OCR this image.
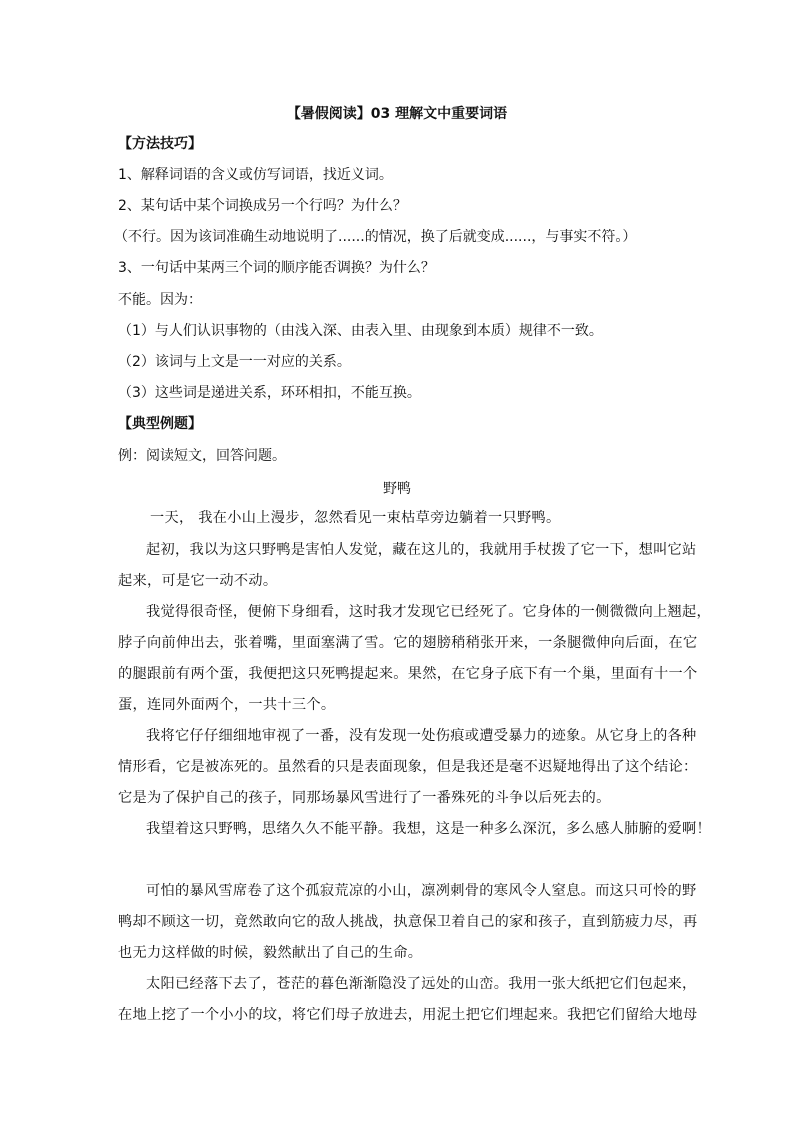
【暑假阅读】03 理解文中重要词语
【方法技巧】
1、解释词语的含义或仿写词语，找近义词。
2、某句话中某个词换成另一个行吗？为什么？
（不行。因为该词准确生动地说明了......的情况，换了后就变成......，与事实不符。）
3、一句话中某两三个词的顺序能否调换？为什么？
不能。因为：
（1）与人们认识事物的（由浅入深、由表入里、由现象到本质）规律不一致。
（2）该词与上文是一一对应的关系。
（3）这些词是递进关系，环环相扣，不能互换。
【典型例题】
例：阅读短文，回答问题。
野鸭
一天， 我在小山上漫步，忽然看见一束枯草旁边躺着一只野鸭。
起初，我以为这只野鸭是害怕人发觉，藏在这儿的，我就用手杖拨了它一下，想叫它站
起来，可是它一动不动。
我觉得很奇怪，便俯下身细看，这时我才发现它已经死了。它身体的一侧微微向上翘起，
脖子向前伸出去，张着嘴，里面塞满了雪。它的翅膀稍稍张开来，一条腿微伸向后面，在它
的腿跟前有两个蛋，我便把这只死鸭提起来。果然，在它身子底下有一个巢，里面有十一个
蛋，连同外面两个，一共十三个。
我将它仔仔细细地审视了一番，没有发现一处伤痕或遭受暴力的迹象。从它身上的各种
情形看，它是被冻死的。虽然看的只是表面现象，但是我还是毫不迟疑地得出了这个结论：
它是为了保护自己的孩子，同那场暴风雪进行了一番殊死的斗争以后死去的。
我望着这只野鸭，思绪久久不能平静。我想，这是一种多么深沉，多么感人肺腑的爱啊！
可怕的暴风雪席卷了这个孤寂荒凉的小山，凛冽刺骨的寒风令人窒息。而这只可怜的野
鸭却不顾这一切，竟然敢向它的敌人挑战，执意保卫着自己的家和孩子，直到筋疲力尽，再
也无力这样做的时候，毅然献出了自己的生命。
太阳已经落下去了，苍茫的暮色渐渐隐没了远处的山峦。我用一张大纸把它们包起来，
在地上挖了一个小小的坟，将它们母子放进去，用泥土把它们埋起来。我把它们留给大地母
